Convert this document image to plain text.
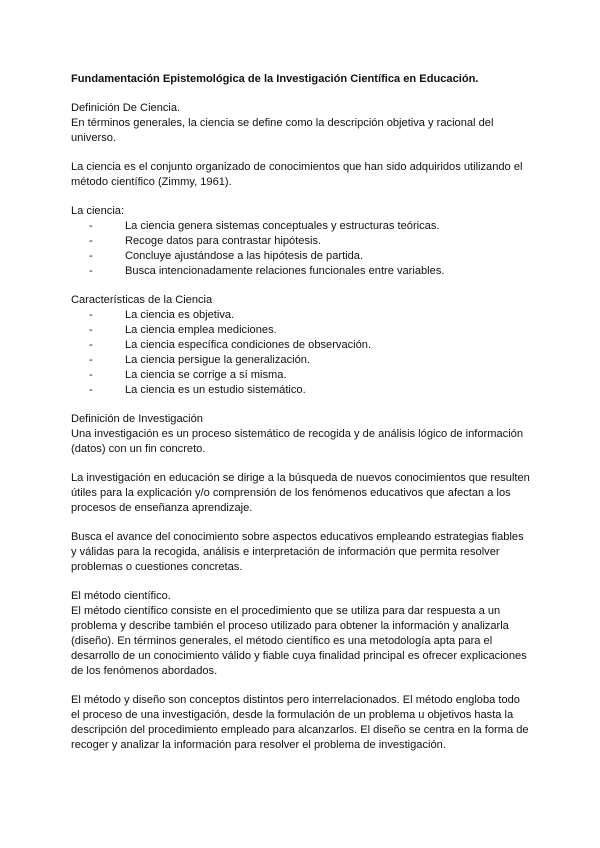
Fundamentación Epistemológica de la Investigación Científica en Educación.

Definición De Ciencia.

En términos generales, la ciencia se define como la descripción objetiva y racional del universo.

La ciencia es el conjunto organizado de conocimientos que han sido adquiridos utilizando el método científico (Zimmy, 1961).

La ciencia:

-	La ciencia genera sistemas conceptuales y estructuras teóricas.
-	Recoge datos para contrastar hipótesis.
-	Concluye ajustándose a las hipótesis de partida.
-	Busca intencionadamente relaciones funcionales entre variables.

Características de la Ciencia

-	La ciencia es objetiva.
-	La ciencia emplea mediciones.
-	La ciencia específica condiciones de observación.
-	La ciencia persigue la generalización.
-	La ciencia se corrige a sí misma.
-	La ciencia es un estudio sistemático.

Definición de Investigación

Una investigación es un proceso sistemático de recogida y de análisis lógico de información (datos) con un fin concreto.

La investigación en educación se dirige a la búsqueda de nuevos conocimientos que resulten útiles para la explicación y/o comprensión de los fenómenos educativos que afectan a los procesos de enseñanza aprendizaje.

Busca el avance del conocimiento sobre aspectos educativos empleando estrategias fiables y válidas para la recogida, análisis e interpretación de información que permita resolver problemas o cuestiones concretas.

El método científico.

El método científico consiste en el procedimiento que se utiliza para dar respuesta a un problema y describe también el proceso utilizado para obtener la información y analizarla (diseño). En términos generales, el método científico es una metodología apta para el desarrollo de un conocimiento válido y fiable cuya finalidad principal es ofrecer explicaciones de los fenómenos abordados.

El método y diseño son conceptos distintos pero interrelacionados. El método engloba todo el proceso de una investigación, desde la formulación de un problema u objetivos hasta la descripción del procedimiento empleado para alcanzarlos. El diseño se centra en la forma de recoger y analizar la información para resolver el problema de investigación.
